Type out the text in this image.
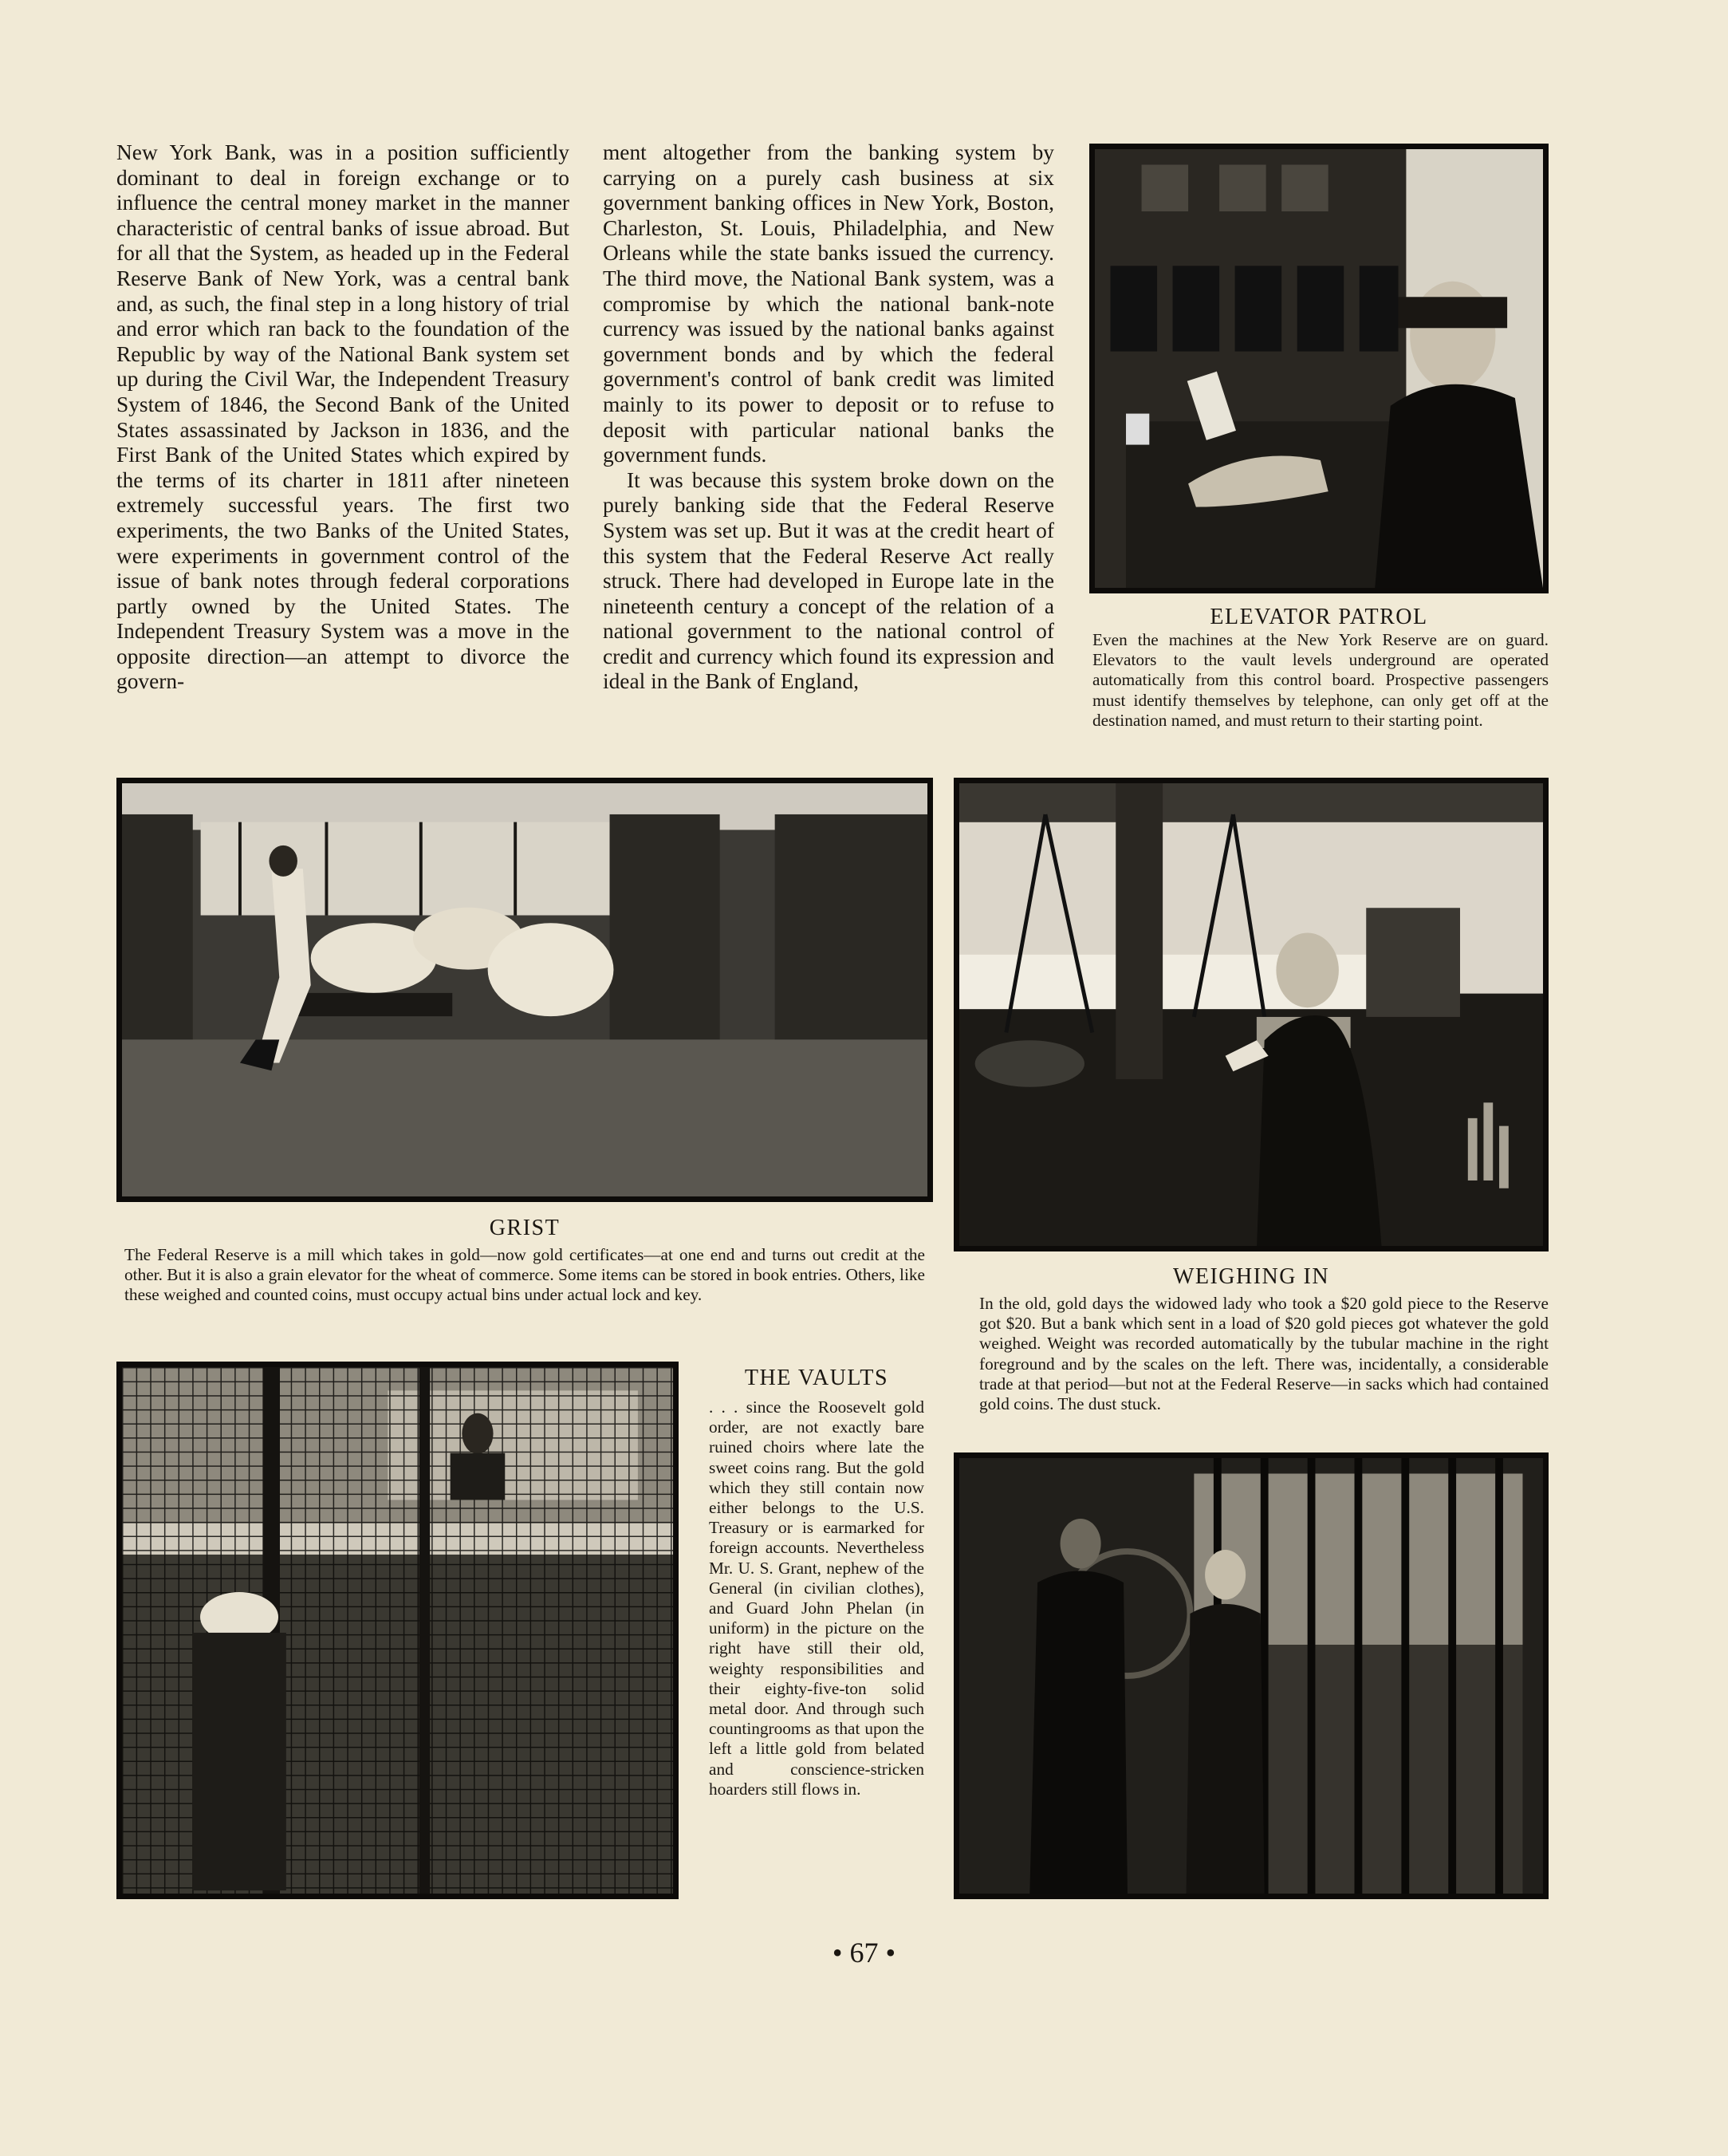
New York Bank, was in a position sufficiently dominant to deal in foreign exchange or to influence the central money market in the manner characteristic of central banks of issue abroad. But for all that the System, as headed up in the Federal Reserve Bank of New York, was a central bank and, as such, the final step in a long history of trial and error which ran back to the foundation of the Republic by way of the National Bank system set up during the Civil War, the Independent Treasury System of 1846, the Second Bank of the United States assassinated by Jackson in 1836, and the First Bank of the United States which expired by the terms of its charter in 1811 after nineteen extremely successful years. The first two experiments, the two Banks of the United States, were experiments in government control of the issue of bank notes through federal corporations partly owned by the United States. The Independent Treasury System was a move in the opposite direction—an attempt to divorce the govern-

ment altogether from the banking system by carrying on a purely cash business at six government banking offices in New York, Boston, Charleston, St. Louis, Philadelphia, and New Orleans while the state banks issued the currency. The third move, the National Bank system, was a compromise by which the national bank-note currency was issued by the national banks against government bonds and by which the federal government's control of bank credit was limited mainly to its power to deposit or to refuse to deposit with particular national banks the government funds.

It was because this system broke down on the purely banking side that the Federal Reserve System was set up. But it was at the credit heart of this system that the Federal Reserve Act really struck. There had developed in Europe late in the nineteenth century a concept of the relation of a national government to the national control of credit and currency which found its expression and ideal in the Bank of England,

ELEVATOR PATROL
Even the machines at the New York Reserve are on guard. Elevators to the vault levels underground are operated automatically from this control board. Prospective passengers must identify themselves by telephone, can only get off at the destination named, and must return to their starting point.
GRIST
The Federal Reserve is a mill which takes in gold—now gold certificates—at one end and turns out credit at the other. But it is also a grain elevator for the wheat of commerce. Some items can be stored in book entries. Others, like these weighed and counted coins, must occupy actual bins under actual lock and key.
WEIGHING IN
In the old, gold days the widowed lady who took a $20 gold piece to the Reserve got $20. But a bank which sent in a load of $20 gold pieces got whatever the gold weighed. Weight was recorded automatically by the tubular machine in the right foreground and by the scales on the left. There was, incidentally, a considerable trade at that period—but not at the Federal Reserve—in sacks which had contained gold coins. The dust stuck.
THE VAULTS
. . . since the Roosevelt gold order, are not exactly bare ruined choirs where late the sweet coins rang. But the gold which they still contain now either belongs to the U.S. Treasury or is earmarked for foreign accounts. Nevertheless Mr. U. S. Grant, nephew of the General (in civilian clothes), and Guard John Phelan (in uniform) in the picture on the right have still their old, weighty responsibilities and their eighty-five-ton solid metal door. And through such countingrooms as that upon the left a little gold from belated and conscience-stricken hoarders still flows in.
• 67 •
